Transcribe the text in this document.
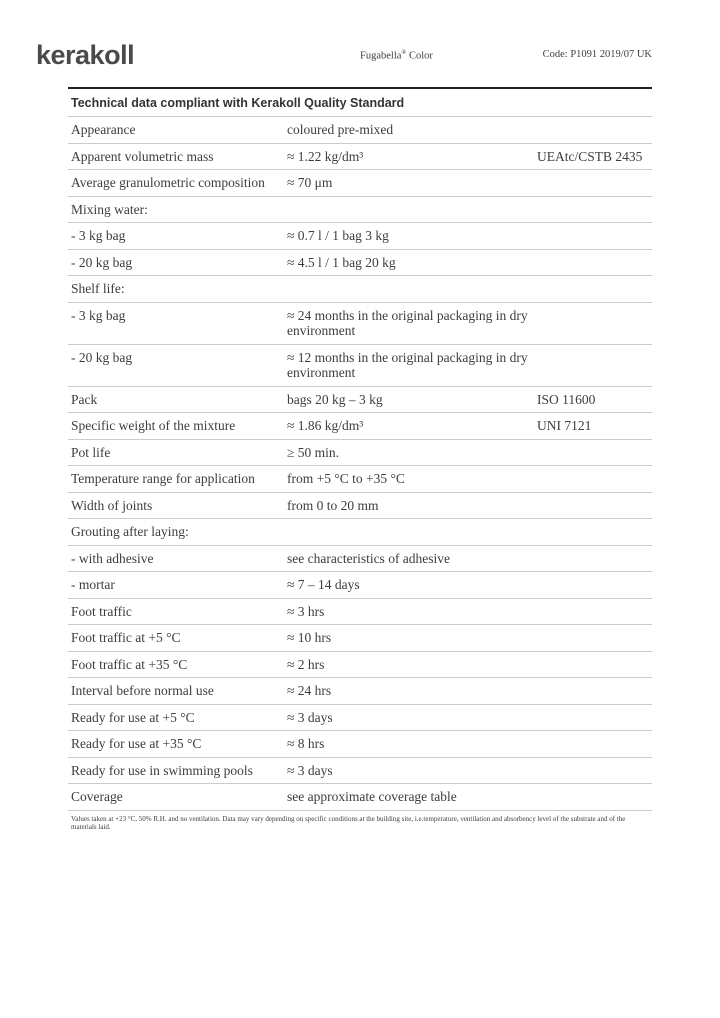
kerakoll	Fugabella® Color	Code: P1091 2019/07 UK
Technical data compliant with Kerakoll Quality Standard
Appearance	coloured pre-mixed
Apparent volumetric mass	≈ 1.22 kg/dm³	UEAtc/CSTB 2435
Average granulometric composition	≈ 70 μm
Mixing water:
- 3 kg bag	≈ 0.7 l / 1 bag 3 kg
- 20 kg bag	≈ 4.5 l / 1 bag 20 kg
Shelf life:
- 3 kg bag	≈ 24 months in the original packaging in dry environment
- 20 kg bag	≈ 12 months in the original packaging in dry environment
Pack	bags 20 kg – 3 kg	ISO 11600
Specific weight of the mixture	≈ 1.86 kg/dm³	UNI 7121
Pot life	≥ 50 min.
Temperature range for application	from +5 °C to +35 °C
Width of joints	from 0 to 20 mm
Grouting after laying:
- with adhesive	see characteristics of adhesive
- mortar	≈ 7 – 14 days
Foot traffic	≈ 3 hrs
Foot traffic at +5 °C	≈ 10 hrs
Foot traffic at +35 °C	≈ 2 hrs
Interval before normal use	≈ 24 hrs
Ready for use at +5 °C	≈ 3 days
Ready for use at +35 °C	≈ 8 hrs
Ready for use in swimming pools	≈ 3 days
Coverage	see approximate coverage table
Values taken at +23 °C, 50% R.H. and no ventilation. Data may vary depending on specific conditions at the building site, i.e.temperature, ventilation and absorbency level of the substrate and of the materials laid.
